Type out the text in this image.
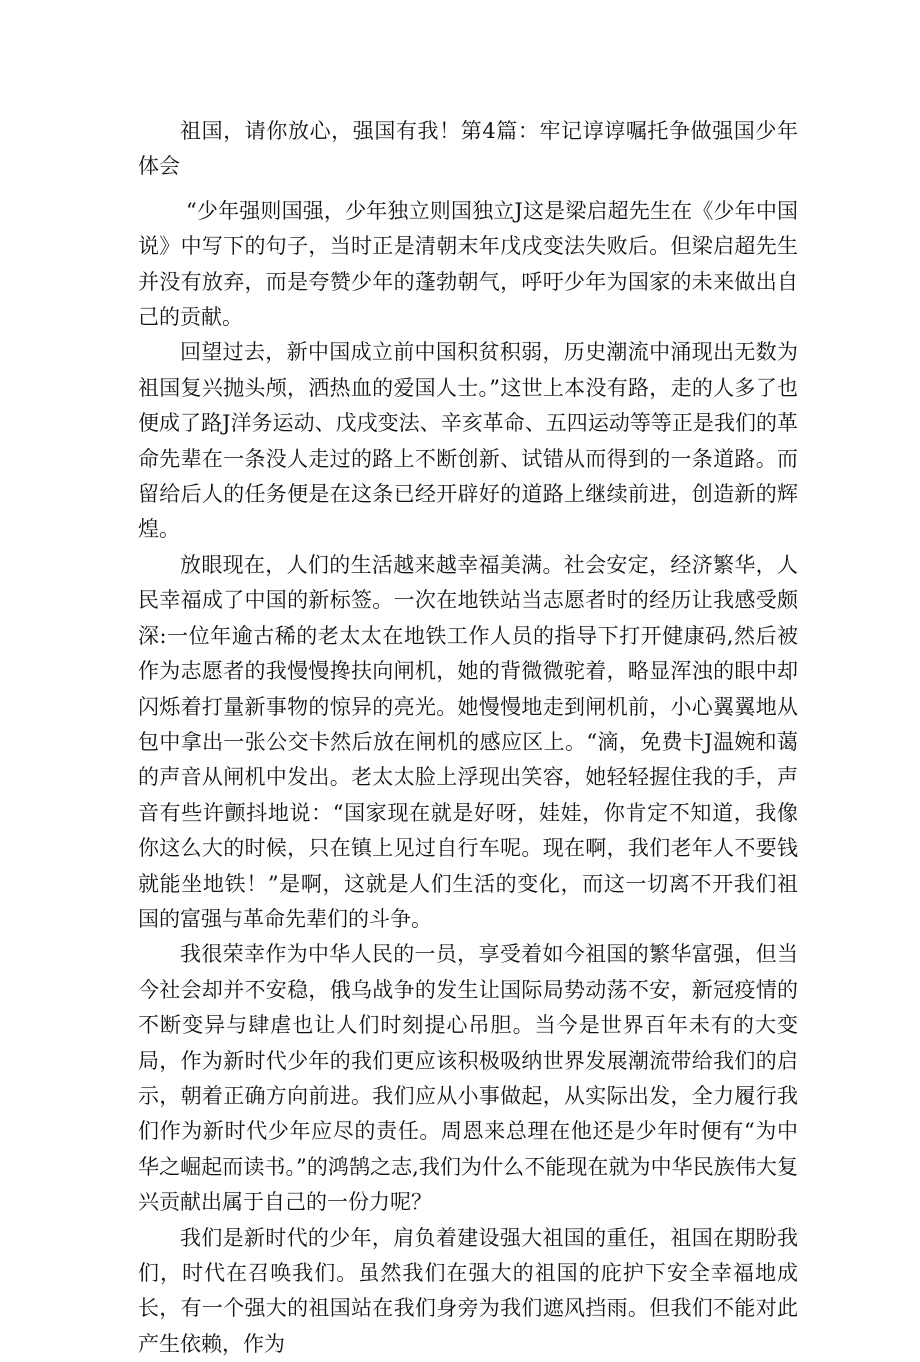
祖国，请你放心，强国有我！第4篇：牢记谆谆嘱托争做强国少年体会

“少年强则国强，少年独立则国独立J这是梁启超先生在《少年中国说》中写下的句子，当时正是清朝末年戊戌变法失败后。但梁启超先生并没有放弃，而是夸赞少年的蓬勃朝气，呼吁少年为国家的未来做出自己的贡献。

回望过去，新中国成立前中国积贫积弱，历史潮流中涌现出无数为祖国复兴抛头颅，洒热血的爱国人士。”这世上本没有路，走的人多了也便成了路J洋务运动、戊戌变法、辛亥革命、五四运动等等正是我们的革命先辈在一条没人走过的路上不断创新、试错从而得到的一条道路。而留给后人的任务便是在这条已经开辟好的道路上继续前进，创造新的辉煌。

放眼现在，人们的生活越来越幸福美满。社会安定，经济繁华，人民幸福成了中国的新标签。一次在地铁站当志愿者时的经历让我感受颇深:一位年逾古稀的老太太在地铁工作人员的指导下打开健康码,然后被作为志愿者的我慢慢搀扶向闸机，她的背微微驼着，略显浑浊的眼中却闪烁着打量新事物的惊异的亮光。她慢慢地走到闸机前，小心翼翼地从包中拿出一张公交卡然后放在闸机的感应区上。“滴，免费卡J温婉和蔼的声音从闸机中发出。老太太脸上浮现出笑容，她轻轻握住我的手，声音有些许颤抖地说：“国家现在就是好呀，娃娃，你肯定不知道，我像你这么大的时候，只在镇上见过自行车呢。现在啊，我们老年人不要钱就能坐地铁！”是啊，这就是人们生活的变化，而这一切离不开我们祖国的富强与革命先辈们的斗争。

我很荣幸作为中华人民的一员，享受着如今祖国的繁华富强，但当今社会却并不安稳，俄乌战争的发生让国际局势动荡不安，新冠疫情的不断变异与肆虐也让人们时刻提心吊胆。当今是世界百年未有的大变局，作为新时代少年的我们更应该积极吸纳世界发展潮流带给我们的启示，朝着正确方向前进。我们应从小事做起，从实际出发，全力履行我们作为新时代少年应尽的责任。周恩来总理在他还是少年时便有“为中华之崛起而读书。”的鸿鹄之志,我们为什么不能现在就为中华民族伟大复兴贡献出属于自己的一份力呢？

我们是新时代的少年，肩负着建设强大祖国的重任，祖国在期盼我们，时代在召唤我们。虽然我们在强大的祖国的庇护下安全幸福地成长，有一个强大的祖国站在我们身旁为我们遮风挡雨。但我们不能对此产生依赖，作为
